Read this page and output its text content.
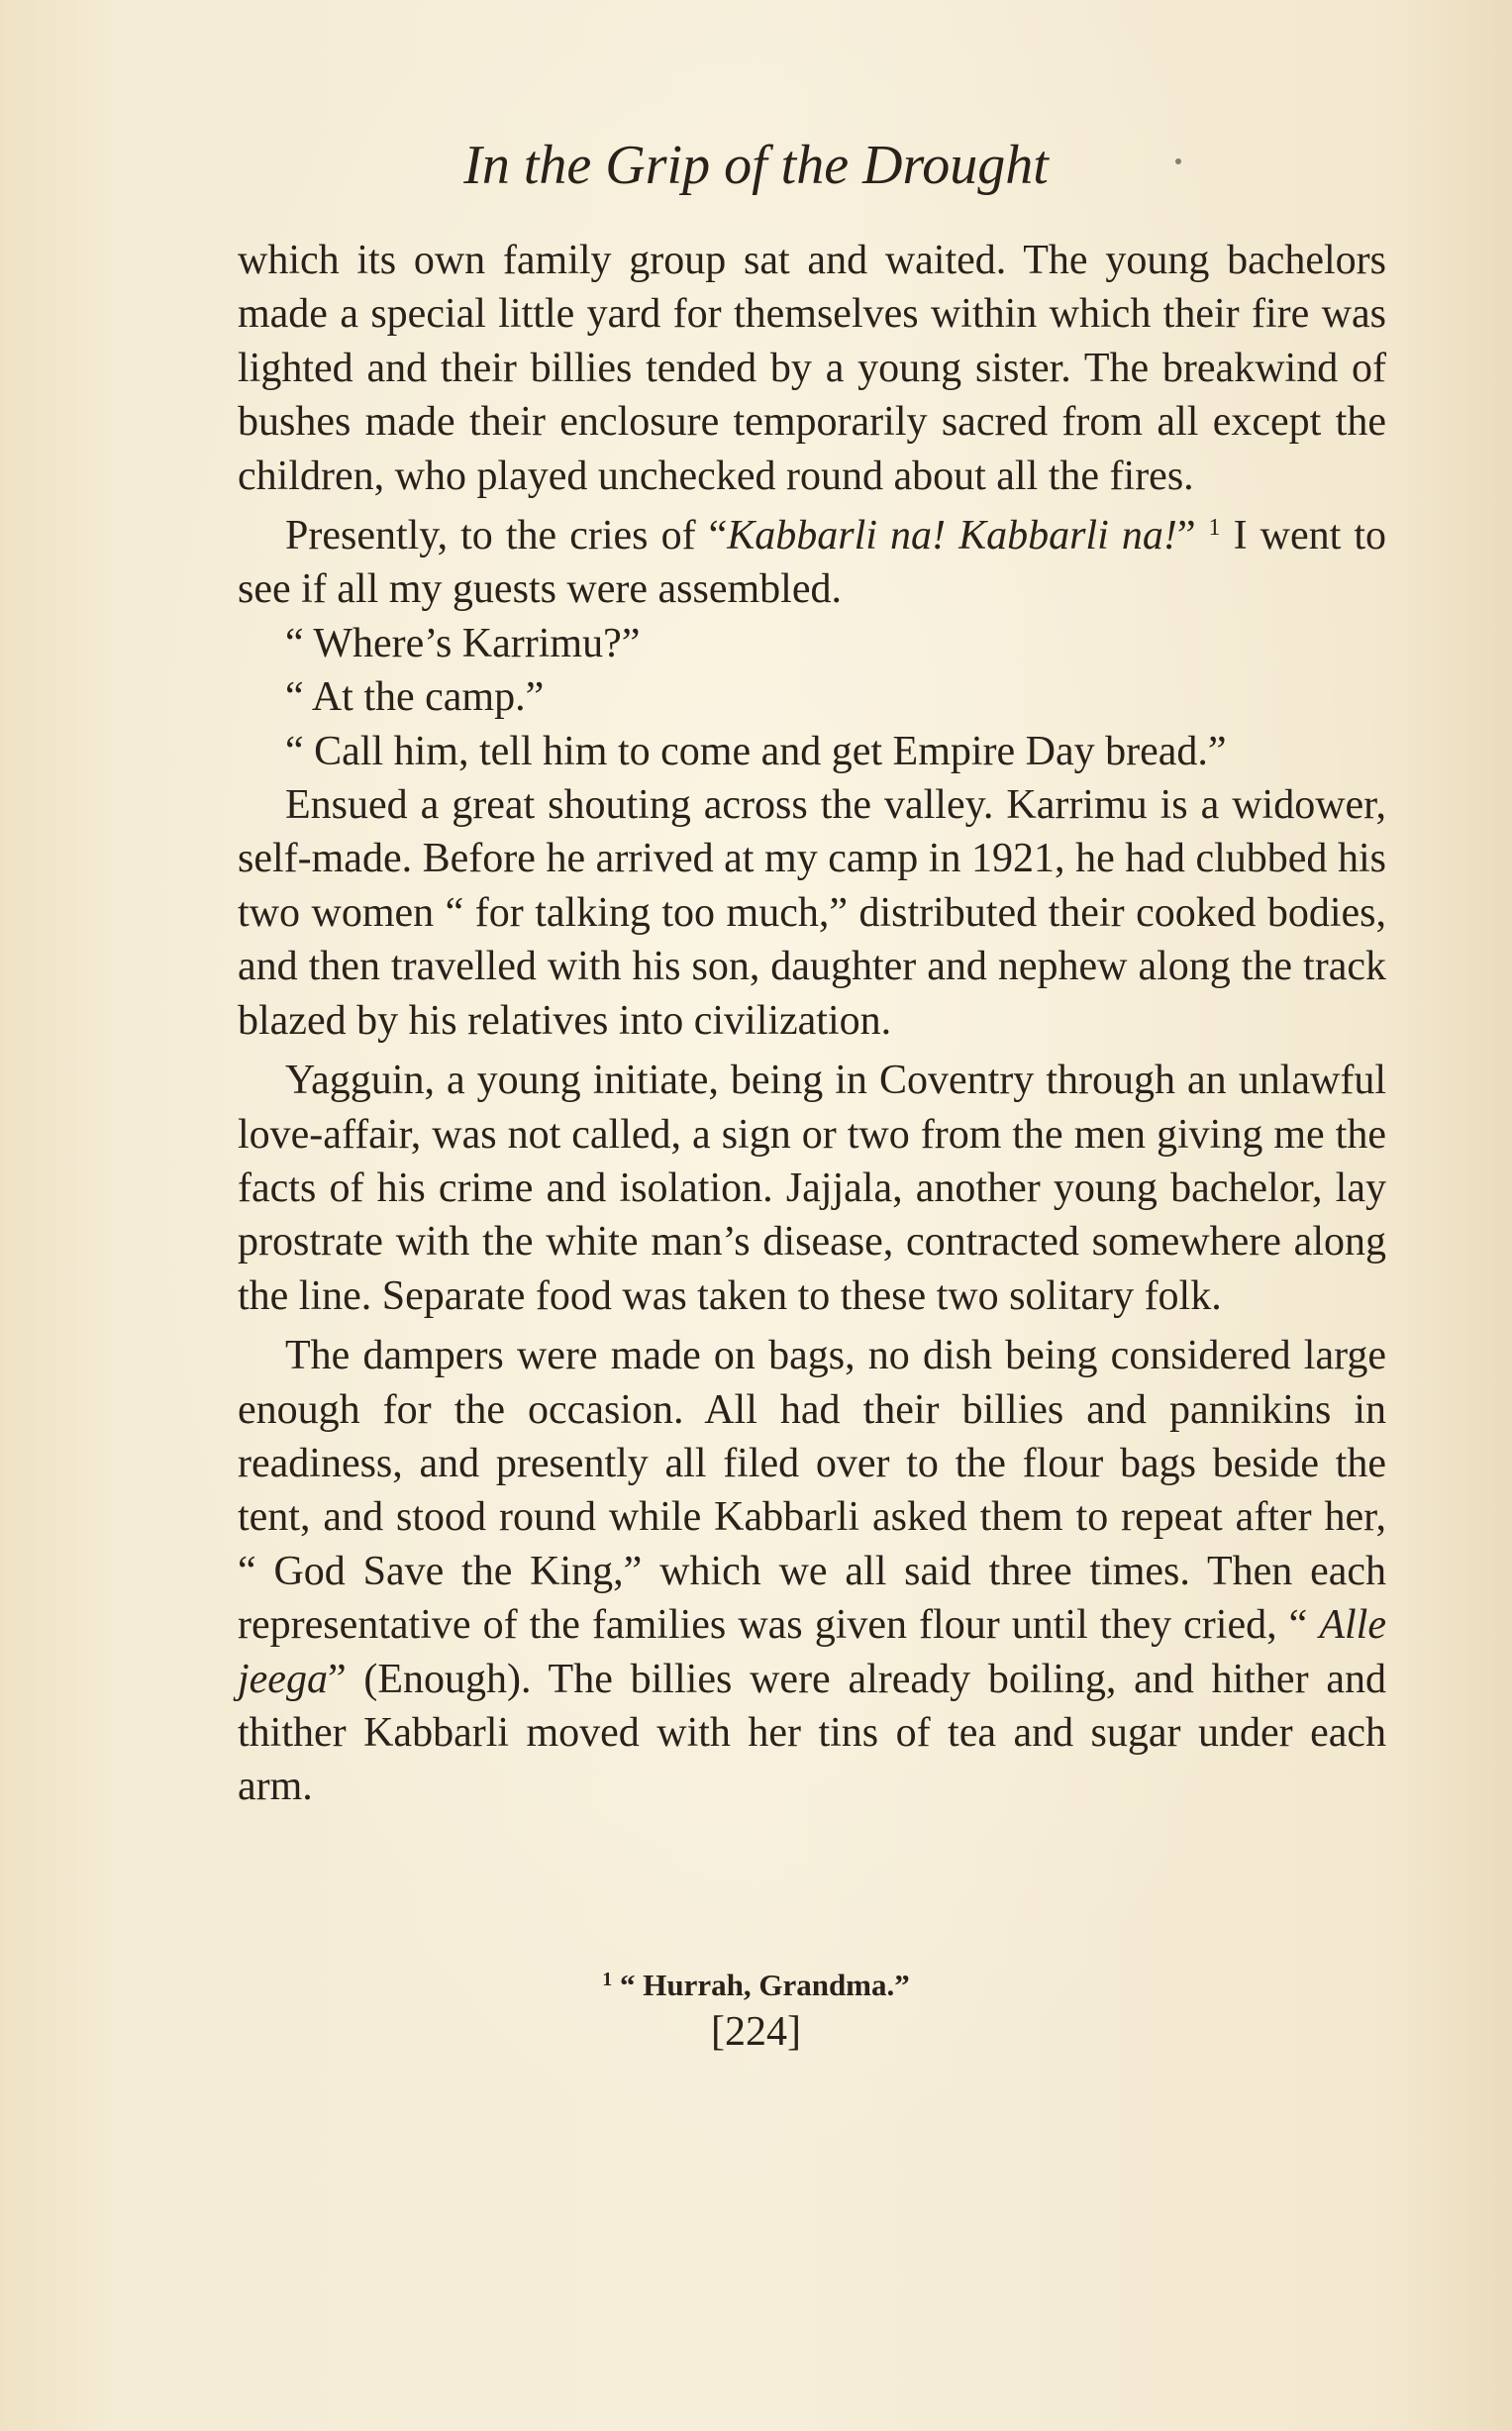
In the Grip of the Drought

which its own family group sat and waited. The young bachelors made a special little yard for themselves within which their fire was lighted and their billies tended by a young sister. The breakwind of bushes made their enclosure temporarily sacred from all except the children, who played unchecked round about all the fires.

Presently, to the cries of “Kabbarli na! Kabbarli na!” $^1$ I went to see if all my guests were assembled.

“ Where’s Karrimu?”

“ At the camp.”

“ Call him, tell him to come and get Empire Day bread.”

Ensued a great shouting across the valley. Karrimu is a widower, self-made. Before he arrived at my camp in 1921, he had clubbed his two women “ for talking too much,” distributed their cooked bodies, and then travelled with his son, daughter and nephew along the track blazed by his relatives into civilization.

Yagguin, a young initiate, being in Coventry through an unlawful love-affair, was not called, a sign or two from the men giving me the facts of his crime and isolation. Jajjala, another young bachelor, lay prostrate with the white man’s disease, contracted somewhere along the line. Separate food was taken to these two solitary folk.

The dampers were made on bags, no dish being considered large enough for the occasion. All had their billies and pannikins in readiness, and presently all filed over to the flour bags beside the tent, and stood round while Kabbarli asked them to repeat after her, “ God Save the King,” which we all said three times. Then each representative of the families was given flour until they cried, “ Alle jeega” (Enough). The billies were already boiling, and hither and thither Kabbarli moved with her tins of tea and sugar under each arm.

$^1$ “ Hurrah, Grandma.”
[224]
